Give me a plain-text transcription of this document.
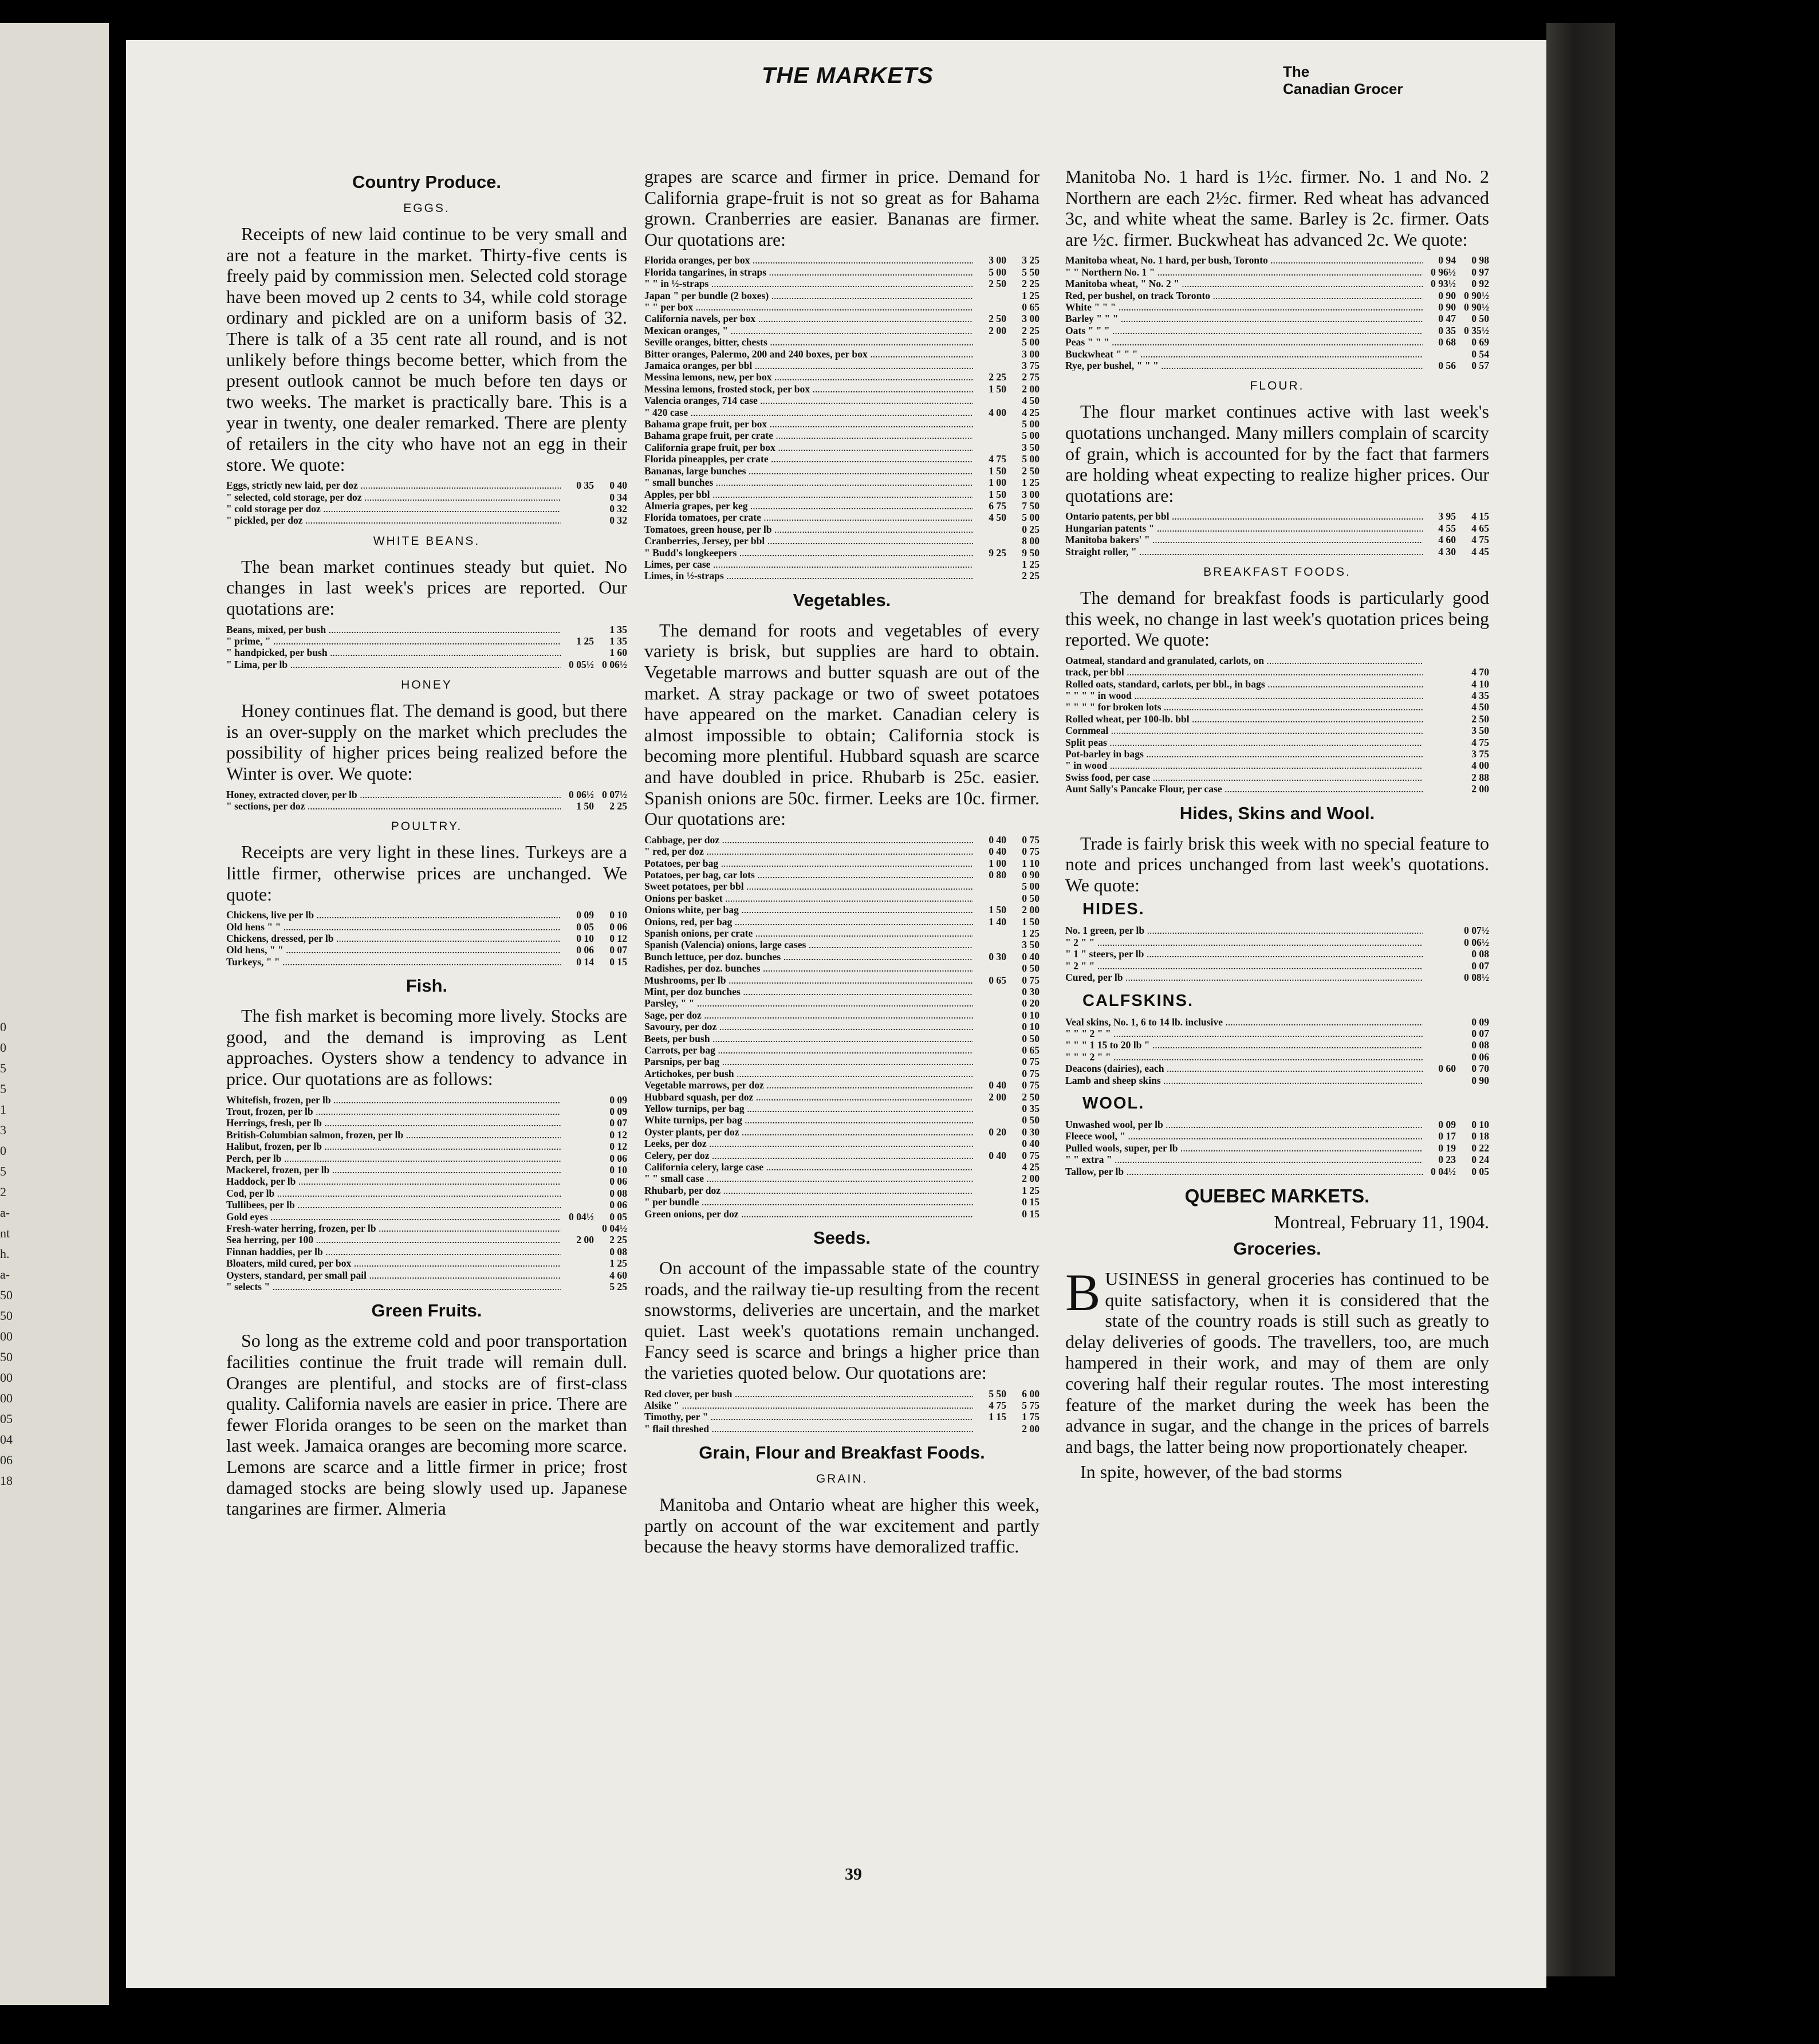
0
0
5
5
1
3
0
5
2
a-
nt
h.
a-
50
50
00
50
00
00
05
04
06
18
THE MARKETS	The
Canadian Grocer
Country Produce.
EGGS.

Receipts of new laid continue to be very small and are not a feature in the market. Thirty-five cents is freely paid by commission men. Selected cold storage have been moved up 2 cents to 34, while cold storage ordinary and pickled are on a uniform basis of 32. There is talk of a 35 cent rate all round, and is not unlikely before things become better, which from the present outlook cannot be much before ten days or two weeks. The market is practically bare. This is a year in twenty, one dealer remarked. There are plenty of retailers in the city who have not an egg in their store. We quote:

Eggs, strictly new laid, per doz .....	0 35	0 40
" selected, cold storage, per doz .....	0 34
" cold storage per doz .....	0 32
" pickled, per doz .....	0 32
WHITE BEANS.

The bean market continues steady but quiet. No changes in last week's prices are reported. Our quotations are:

Beans, mixed, per bush .....	1 35
" prime, " .....	1 25	1 35
" handpicked, per bush .....	1 60
" Lima, per lb .....	0 05½ 0 06½
HONEY

Honey continues flat. The demand is good, but there is an over-supply on the market which precludes the possibility of higher prices being realized before the Winter is over. We quote:

Honey, extracted clover, per lb .....	0 06½ 0 07½
" sections, per doz .....	1 50	2 25
POULTRY.

Receipts are very light in these lines. Turkeys are a little firmer, otherwise prices are unchanged. We quote:

Chickens, live per lb .....	0 09	0 10
Old hens " " .....	0 05	0 06
Chickens, dressed, per lb .....	0 10	0 12
Old hens, " " .....	0 06	0 07
Turkeys, " " .....	0 14	0 15
Fish.

The fish market is becoming more lively. Stocks are good, and the demand is improving as Lent approaches. Oysters show a tendency to advance in price. Our quotations are as follows:

Whitefish, frozen, per lb .....	0 09
Trout, frozen, per lb .....	0 09
Herrings, fresh, per lb .....	0 07
British-Columbian salmon, frozen, per lb .....	0 12
Halibut, frozen, per lb .....	0 12
Perch, per lb .....	0 06
Mackerel, frozen, per lb .....	0 10
Haddock, per lb .....	0 06
Cod, per lb .....	0 08
Tullibees, per lb .....	0 06
Gold eyes .....	0 04½	0 05
Fresh-water herring, frozen, per lb .....	0 04½
Sea herring, per 100 .....	2 00	2 25
Finnan haddies, per lb .....	0 08
Bloaters, mild cured, per box .....	1 25
Oysters, standard, per small pail .....	4 60
" selects " .....	5 25
Green Fruits.

So long as the extreme cold and poor transportation facilities continue the fruit trade will remain dull. Oranges are plentiful, and stocks are of first-class quality. California navels are easier in price. There are fewer Florida oranges to be seen on the market than last week. Jamaica oranges are becoming more scarce. Lemons are scarce and a little firmer in price; frost damaged stocks are being slowly used up. Japanese tangarines are firmer. Almeria

grapes are scarce and firmer in price. Demand for California grape-fruit is not so great as for Bahama grown. Cranberries are easier. Bananas are firmer. Our quotations are:

Florida oranges, per box .....	3 00	3 25
Florida tangarines, in straps .....	5 00	5 50
" " in ½-straps .....	2 50	2 25
Japan " per bundle (2 boxes) .....	1 25
" " per box .....	0 65
California navels, per box .....	2 50	3 00
Mexican oranges, " .....	2 00	2 25
Seville oranges, bitter, chests .....	5 00
Bitter oranges, Palermo, 200 and 240 boxes, per box .....	3 00
Jamaica oranges, per bbl .....	3 75
Messina lemons, new, per box .....	2 25	2 75
Messina lemons, frosted stock, per box .....	1 50	2 00
Valencia oranges, 714 case .....	4 50
" 420 case .....	4 00	4 25
Bahama grape fruit, per box .....	5 00
Bahama grape fruit, per crate .....	5 00
California grape fruit, per box .....	3 50
Florida pineapples, per crate .....	4 75	5 00
Bananas, large bunches .....	1 50	2 50
" small bunches .....	1 00	1 25
Apples, per bbl .....	1 50	3 00
Almeria grapes, per keg .....	6 75	7 50
Florida tomatoes, per crate .....	4 50	5 00
Tomatoes, green house, per lb .....	0 25
Cranberries, Jersey, per bbl .....	8 00
" Budd's longkeepers .....	9 25	9 50
Limes, per case .....	1 25
Limes, in ½-straps .....	2 25
Vegetables.

The demand for roots and vegetables of every variety is brisk, but supplies are hard to obtain. Vegetable marrows and butter squash are out of the market. A stray package or two of sweet potatoes have appeared on the market. Canadian celery is almost impossible to obtain; California stock is becoming more plentiful. Hubbard squash are scarce and have doubled in price. Rhubarb is 25c. easier. Spanish onions are 50c. firmer. Leeks are 10c. firmer. Our quotations are:

Cabbage, per doz .....	0 40	0 75
" red, per doz .....	0 40	0 75
Potatoes, per bag .....	1 00	1 10
Potatoes, per bag, car lots .....	0 80	0 90
Sweet potatoes, per bbl .....	5 00
Onions per basket .....	0 50
Onions white, per bag .....	1 50	2 00
Onions, red, per bag .....	1 40	1 50
Spanish onions, per crate .....	1 25
Spanish (Valencia) onions, large cases .....	3 50
Bunch lettuce, per doz. bunches .....	0 30	0 40
Radishes, per doz. bunches .....	0 50
Mushrooms, per lb .....	0 65	0 75
Mint, per doz bunches .....	0 30
Parsley, " " .....	0 20
Sage, per doz .....	0 10
Savoury, per doz .....	0 10
Beets, per bush .....	0 50
Carrots, per bag .....	0 65
Parsnips, per bag .....	0 75
Artichokes, per bush .....	0 75
Vegetable marrows, per doz .....	0 40	0 75
Hubbard squash, per doz .....	2 00	2 50
Yellow turnips, per bag .....	0 35
White turnips, per bag .....	0 50
Oyster plants, per doz .....	0 20	0 30
Leeks, per doz .....	0 40
Celery, per doz .....	0 40	0 75
California celery, large case .....	4 25
" " small case .....	2 00
Rhubarb, per doz .....	1 25
" per bundle .....	0 15
Green onions, per doz .....	0 15
Seeds.

On account of the impassable state of the country roads, and the railway tie-up resulting from the recent snowstorms, deliveries are uncertain, and the market quiet. Last week's quotations remain unchanged. Fancy seed is scarce and brings a higher price than the varieties quoted below. Our quotations are:

Red clover, per bush .....	5 50	6 00
Alsike " .....	4 75	5 75
Timothy, per " .....	1 15	1 75
" flail threshed .....	2 00
Grain, Flour and Breakfast Foods.
GRAIN.

Manitoba and Ontario wheat are higher this week, partly on account of the war excitement and partly because the heavy storms have demoralized traffic.

Manitoba No. 1 hard is 1½c. firmer. No. 1 and No. 2 Northern are each 2½c. firmer. Red wheat has advanced 3c, and white wheat the same. Barley is 2c. firmer. Oats are ½c. firmer. Buckwheat has advanced 2c. We quote:

Manitoba wheat, No. 1 hard, per bush, Toronto .....	0 94	0 98
" " Northern No. 1 " .....	0 96½	0 97
Manitoba wheat, " No. 2 " .....	0 93½	0 92
Red, per bushel, on track Toronto .....	0 90 0 90½
White " " " .....	0 90 0 90½
Barley " " " .....	0 47	0 50
Oats " " " .....	0 35 0 35½
Peas " " " .....	0 68	0 69
Buckwheat " " " .....	0 54
Rye, per bushel, " " " .....	0 56	0 57
FLOUR.

The flour market continues active with last week's quotations unchanged. Many millers complain of scarcity of grain, which is accounted for by the fact that farmers are holding wheat expecting to realize higher prices. Our quotations are:

Ontario patents, per bbl .....	3 95	4 15
Hungarian patents " .....	4 55	4 65
Manitoba bakers' " .....	4 60	4 75
Straight roller, " .....	4 30	4 45
BREAKFAST FOODS.

The demand for breakfast foods is particularly good this week, no change in last week's quotation prices being reported. We quote:

Oatmeal, standard and granulated, carlots, on .....
track, per bbl .....	4 70
Rolled oats, standard, carlots, per bbl., in bags .....	4 10
" " " " in wood .....	4 35
" " " " for broken lots .....	4 50
Rolled wheat, per 100-lb. bbl .....	2 50
Cornmeal .....	3 50
Split peas .....	4 75
Pot-barley in bags .....	3 75
" in wood .....	4 00
Swiss food, per case .....	2 88
Aunt Sally's Pancake Flour, per case .....	2 00
Hides, Skins and Wool.

Trade is fairly brisk this week with no special feature to note and prices unchanged from last week's quotations. We quote:

HIDES.
No. 1 green, per lb .....	0 07½
" 2 " " .....	0 06½
" 1 " steers, per lb .....	0 08
" 2 " " .....	0 07
Cured, per lb .....	0 08½
CALFSKINS.
Veal skins, No. 1, 6 to 14 lb. inclusive .....	0 09
" " " 2 " " .....	0 07
" " " 1 15 to 20 lb " .....	0 08
" " " 2 " " .....	0 06
Deacons (dairies), each .....	0 60	0 70
Lamb and sheep skins .....	0 90
WOOL.
Unwashed wool, per lb .....	0 09	0 10
Fleece wool, " .....	0 17	0 18
Pulled wools, super, per lb .....	0 19	0 22
" " extra " .....	0 23	0 24
Tallow, per lb .....	0 04½	0 05
QUEBEC MARKETS.
Montreal, February 11, 1904.
Groceries.

BUSINESS in general groceries has continued to be quite satisfactory, when it is considered that the state of the country roads is still such as greatly to delay deliveries of goods. The travellers, too, are much hampered in their work, and may of them are only covering half their regular routes. The most interesting feature of the market during the week has been the advance in sugar, and the change in the prices of barrels and bags, the latter being now proportionately cheaper.

In spite, however, of the bad storms

39
